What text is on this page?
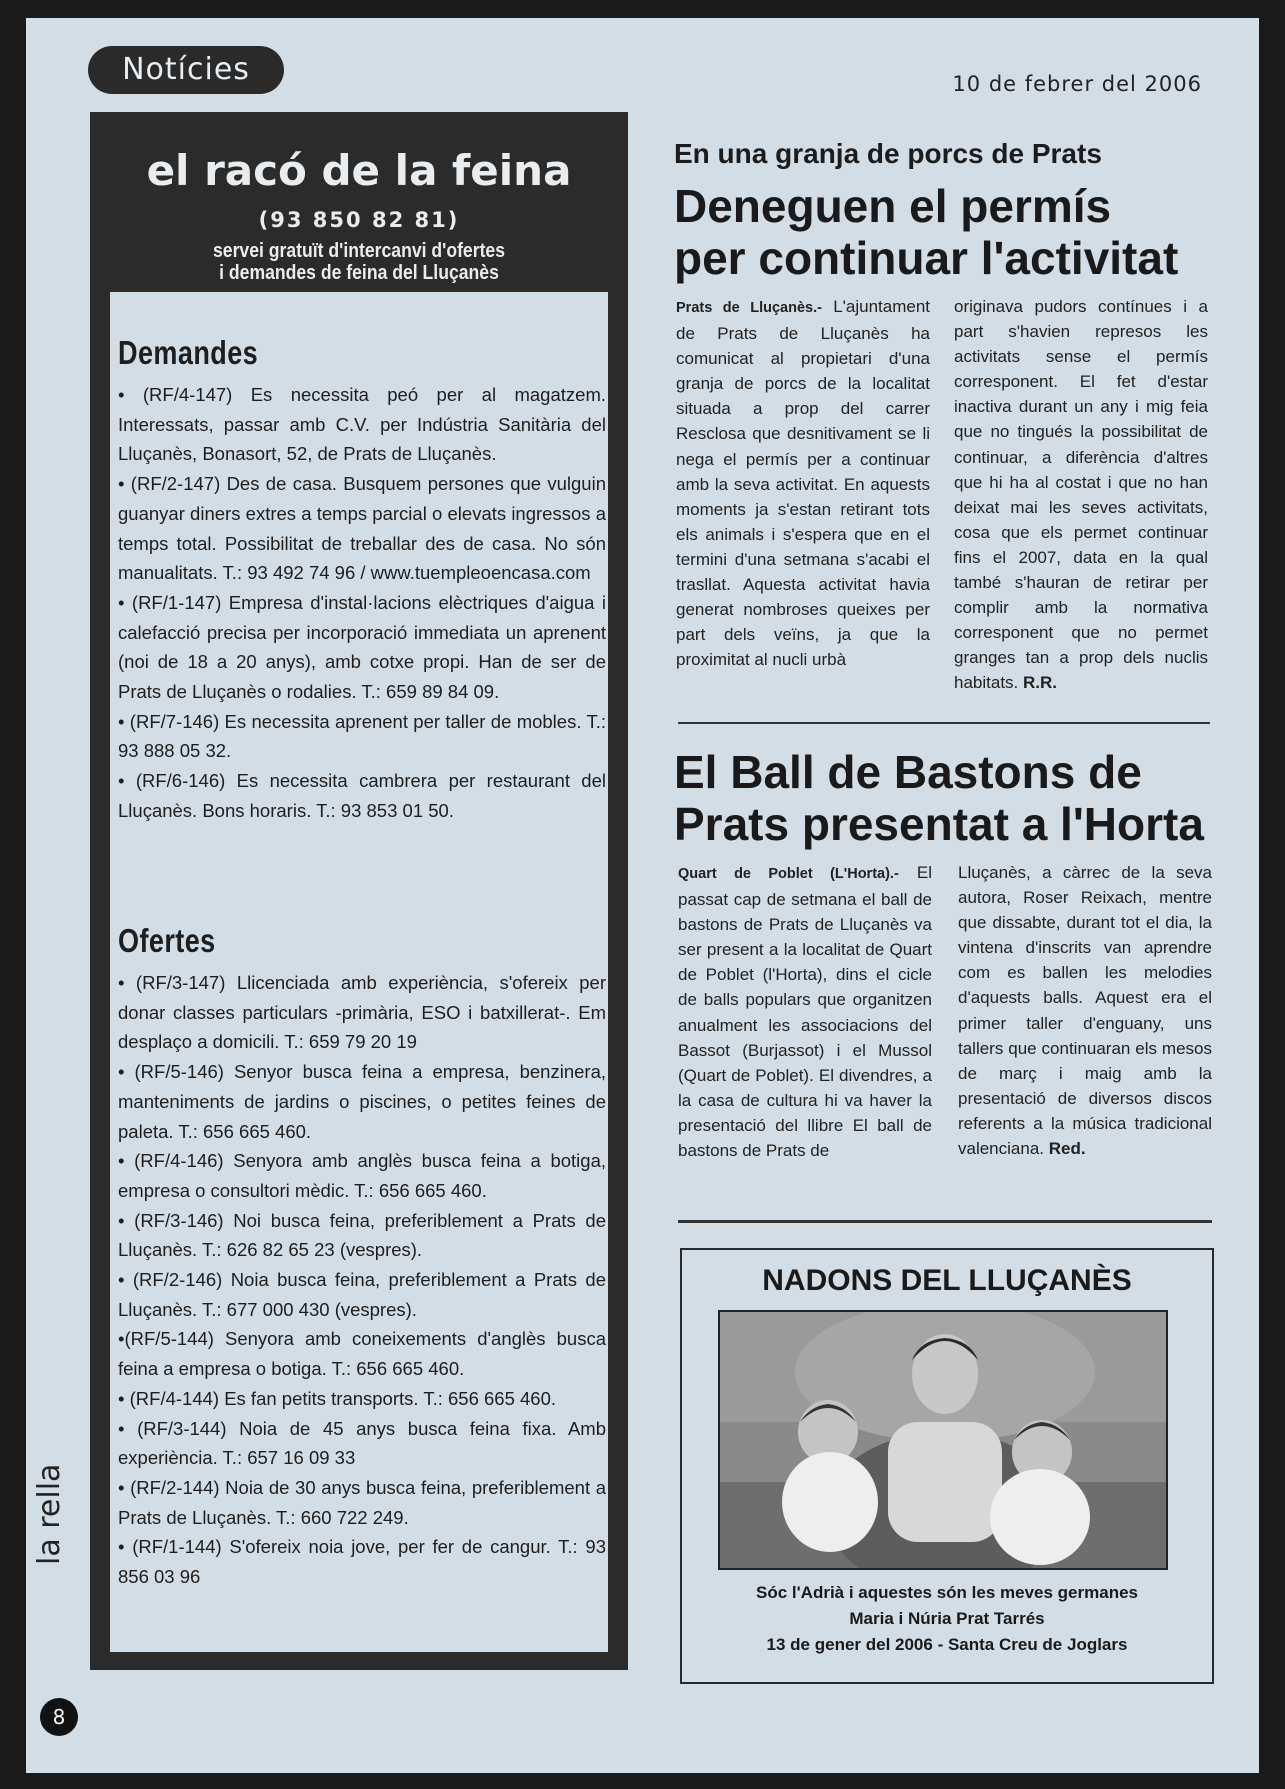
Notícies	10 de febrer del 2006
la rella
8
el racó de la feina
(93 850 82 81)
servei gratuït d'intercanvi d'ofertes
i demandes de feina del Lluçanès
Demandes

• (RF/4-147) Es necessita peó per al magatzem. Interessats, passar amb C.V. per Indústria Sanitària del Lluçanès, Bonasort, 52, de Prats de Lluçanès.

• (RF/2-147) Des de casa. Busquem persones que vulguin guanyar diners extres a temps parcial o elevats ingressos a temps total. Possibilitat de treballar des de casa. No són manualitats. T.: 93 492 74 96 / www.tuempleoencasa.com

• (RF/1-147) Empresa d'instal·lacions elèctriques d'aigua i calefacció precisa per incorporació immediata un aprenent (noi de 18 a 20 anys), amb cotxe propi. Han de ser de Prats de Lluçanès o rodalies. T.: 659 89 84 09.

• (RF/7-146) Es necessita aprenent per taller de mobles. T.: 93 888 05 32.

• (RF/6-146) Es necessita cambrera per restaurant del Lluçanès. Bons horaris. T.: 93 853 01 50.

Ofertes

• (RF/3-147) Llicenciada amb experiència, s'ofereix per donar classes particulars -primària, ESO i batxillerat-. Em desplaço a domicili. T.: 659 79 20 19

• (RF/5-146) Senyor busca feina a empresa, benzinera, manteniments de jardins o piscines, o petites feines de paleta. T.: 656 665 460.

• (RF/4-146) Senyora amb anglès busca feina a botiga, empresa o consultori mèdic. T.: 656 665 460.

• (RF/3-146) Noi busca feina, preferiblement a Prats de Lluçanès. T.: 626 82 65 23 (vespres).

• (RF/2-146) Noia busca feina, preferiblement a Prats de Lluçanès. T.: 677 000 430 (vespres).

•(RF/5-144) Senyora amb coneixements d'anglès busca feina a empresa o botiga. T.: 656 665 460.

• (RF/4-144) Es fan petits transports. T.: 656 665 460.

• (RF/3-144) Noia de 45 anys busca feina fixa. Amb experiència. T.: 657 16 09 33

• (RF/2-144) Noia de 30 anys busca feina, preferiblement a Prats de Lluçanès. T.: 660 722 249.

• (RF/1-144) S'ofereix noia jove, per fer de cangur. T.: 93 856 03 96

En una granja de porcs de Prats
Deneguen el permís
per continuar l'activitat

Prats de Lluçanès.- L'ajuntament de Prats de Lluçanès ha comunicat al propietari d'una granja de porcs de la localitat situada a prop del carrer Resclosa que desnitivament se li nega el permís per a continuar amb la seva activitat. En aquests moments ja s'estan retirant tots els animals i s'espera que en el termini d'una setmana s'acabi el trasllat. Aquesta activitat havia generat nombroses queixes per part dels veïns, ja que la proximitat al nucli urbà

originava pudors contínues i a part s'havien represos les activitats sense el permís corresponent. El fet d'estar inactiva durant un any i mig feia que no tingués la possibilitat de continuar, a diferència d'altres que hi ha al costat i que no han deixat mai les seves activitats, cosa que els permet continuar fins el 2007, data en la qual també s'hauran de retirar per complir amb la normativa corresponent que no permet granges tan a prop dels nuclis habitats. R.R.

El Ball de Bastons de
Prats presentat a l'Horta

Quart de Poblet (L'Horta).- El passat cap de setmana el ball de bastons de Prats de Lluçanès va ser present a la localitat de Quart de Poblet (l'Horta), dins el cicle de balls populars que organitzen anualment les associacions del Bassot (Burjassot) i el Mussol (Quart de Poblet). El divendres, a la casa de cultura hi va haver la presentació del llibre El ball de bastons de Prats de

Lluçanès, a càrrec de la seva autora, Roser Reixach, mentre que dissabte, durant tot el dia, la vintena d'inscrits van aprendre com es ballen les melodies d'aquests balls. Aquest era el primer taller d'enguany, uns tallers que continuaran els mesos de març i maig amb la presentació de diversos discos referents a la música tradicional valenciana. Red.

NADONS DEL LLUÇANÈS
Sóc l'Adrià i aquestes són les meves germanes
Maria i Núria Prat Tarrés
13 de gener del 2006 - Santa Creu de Joglars
